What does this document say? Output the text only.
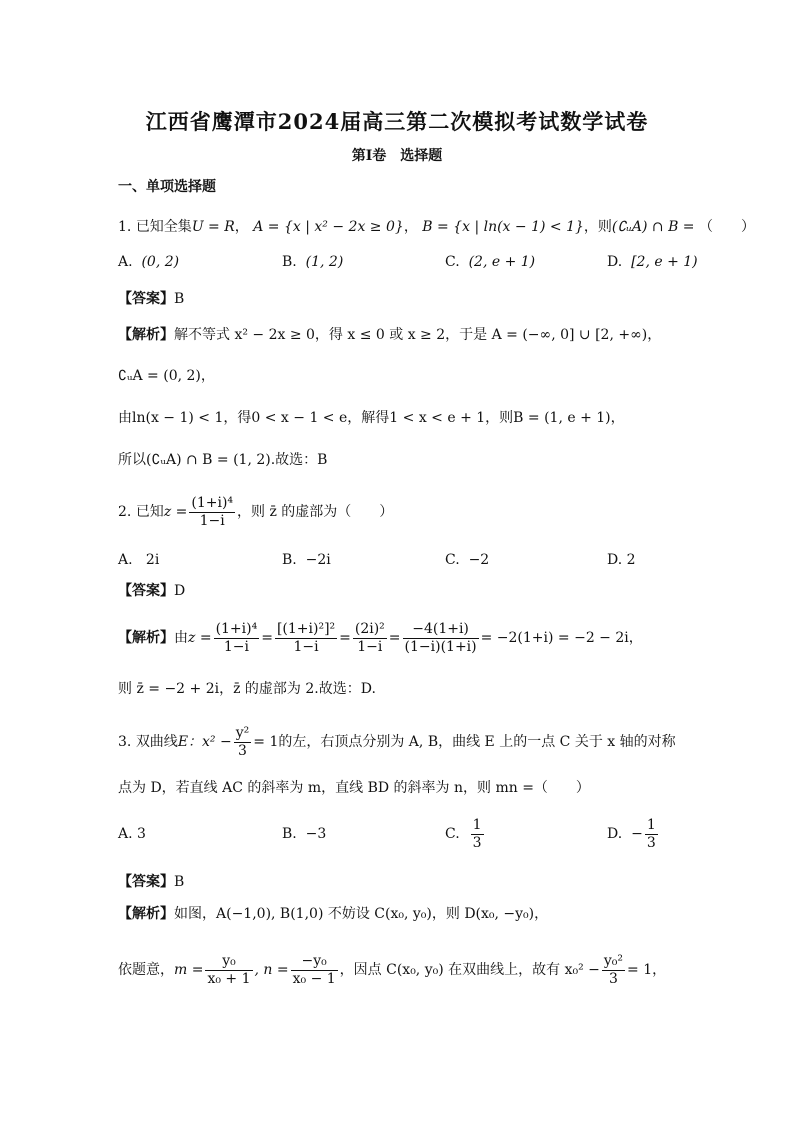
江西省鹰潭市2024届高三第二次模拟考试数学试卷
第Ⅰ卷 选择题
一、单项选择题
1. 已知全集U = R， A = {x | x² − 2x ≥ 0}， B = {x | ln(x − 1) < 1}，则(∁ᵤA) ∩ B = （　　）
A. (0, 2)	B. (1, 2)	C. (2, e + 1)	D. [2, e + 1)
【答案】B
【解析】解不等式 x² − 2x ≥ 0，得 x ≤ 0 或 x ≥ 2，于是 A = (−∞, 0] ∪ [2, +∞)，
∁ᵤA = (0, 2)，
由ln(x − 1) < 1，得0 < x − 1 < e，解得1 < x < e + 1，则B = (1, e + 1)，
所以(∁ᵤA) ∩ B = (1, 2).故选：B
2. 已知$z = \frac{\text{(1+i)⁴}}{1-i}$ ，则 z̄ 的虚部为（　　）
A. 2i	B. −2i	C. −2	D. 2
【答案】D
【解析】由$z = \frac{\text{(1+i)⁴}}{1-i} = \frac{\text{[(1+i)²]²}}{1-i} = \frac{\text{(2i)²}}{1-i} = \frac{-4(1+i)}{(1-i)(1+i)} = -2(1+i) = -2 - 2i$，
则 z̄ = −2 + 2i，z̄ 的虚部为 2.故选：D.
3. 双曲线E：$x^2 - \frac{\text{y²}}{3} = 1$的左，右顶点分别为 A, B，曲线 E 上的一点 C 关于 x 轴的对称
点为 D，若直线 AC 的斜率为 m，直线 BD 的斜率为 n，则 mn =（　　）
A. 3	B. −3	C. $\frac{1}{3}$	D. − $\frac{1}{3}$
【答案】B
【解析】如图，A(−1,0), B(1,0) 不妨设 C(x₀, y₀)，则 D(x₀, −y₀)，
依题意，$m = \frac{\text{y₀}}{\text{x₀ + 1}}$ , $n = \frac{\text{−y₀}}{\text{x₀ − 1}}$ ，因点 C(x₀, y₀) 在双曲线上，故有 $x_0^2 - \frac{\text{y₀²}}{3} = 1$，
